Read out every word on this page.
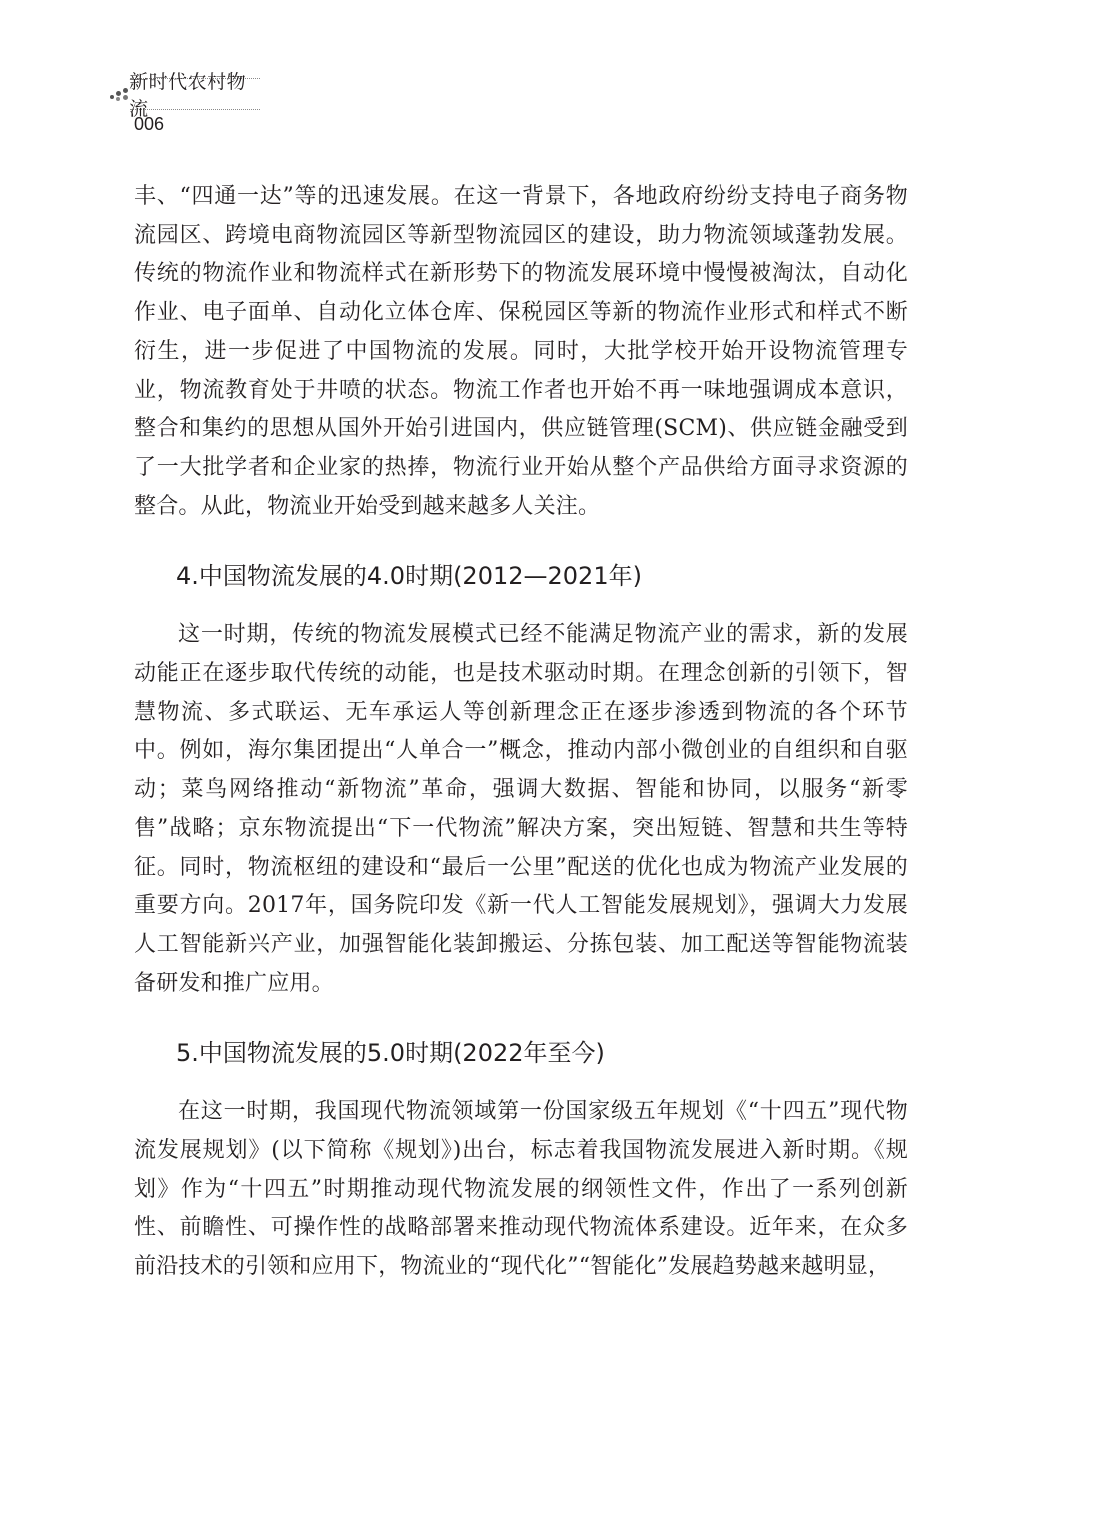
新时代农村物流
006

丰、“四通一达”等的迅速发展。在这一背景下，各地政府纷纷支持电子商务物流园区、跨境电商物流园区等新型物流园区的建设，助力物流领域蓬勃发展。传统的物流作业和物流样式在新形势下的物流发展环境中慢慢被淘汰，自动化作业、电子面单、自动化立体仓库、保税园区等新的物流作业形式和样式不断衍生，进一步促进了中国物流的发展。同时，大批学校开始开设物流管理专业，物流教育处于井喷的状态。物流工作者也开始不再一味地强调成本意识，整合和集约的思想从国外开始引进国内，供应链管理(SCM)、供应链金融受到了一大批学者和企业家的热捧，物流行业开始从整个产品供给方面寻求资源的整合。从此，物流业开始受到越来越多人关注。

4.中国物流发展的4.0时期(2012—2021年)

这一时期，传统的物流发展模式已经不能满足物流产业的需求，新的发展动能正在逐步取代传统的动能，也是技术驱动时期。在理念创新的引领下，智慧物流、多式联运、无车承运人等创新理念正在逐步渗透到物流的各个环节中。例如，海尔集团提出“人单合一”概念，推动内部小微创业的自组织和自驱动；菜鸟网络推动“新物流”革命，强调大数据、智能和协同，以服务“新零售”战略；京东物流提出“下一代物流”解决方案，突出短链、智慧和共生等特征。同时，物流枢纽的建设和“最后一公里”配送的优化也成为物流产业发展的重要方向。2017年，国务院印发《新一代人工智能发展规划》，强调大力发展人工智能新兴产业，加强智能化装卸搬运、分拣包装、加工配送等智能物流装备研发和推广应用。

5.中国物流发展的5.0时期(2022年至今)

在这一时期，我国现代物流领域第一份国家级五年规划《“十四五”现代物流发展规划》(以下简称《规划》)出台，标志着我国物流发展进入新时期。《规划》作为“十四五”时期推动现代物流发展的纲领性文件，作出了一系列创新性、前瞻性、可操作性的战略部署来推动现代物流体系建设。近年来，在众多前沿技术的引领和应用下，物流业的“现代化”“智能化”发展趋势越来越明显，
